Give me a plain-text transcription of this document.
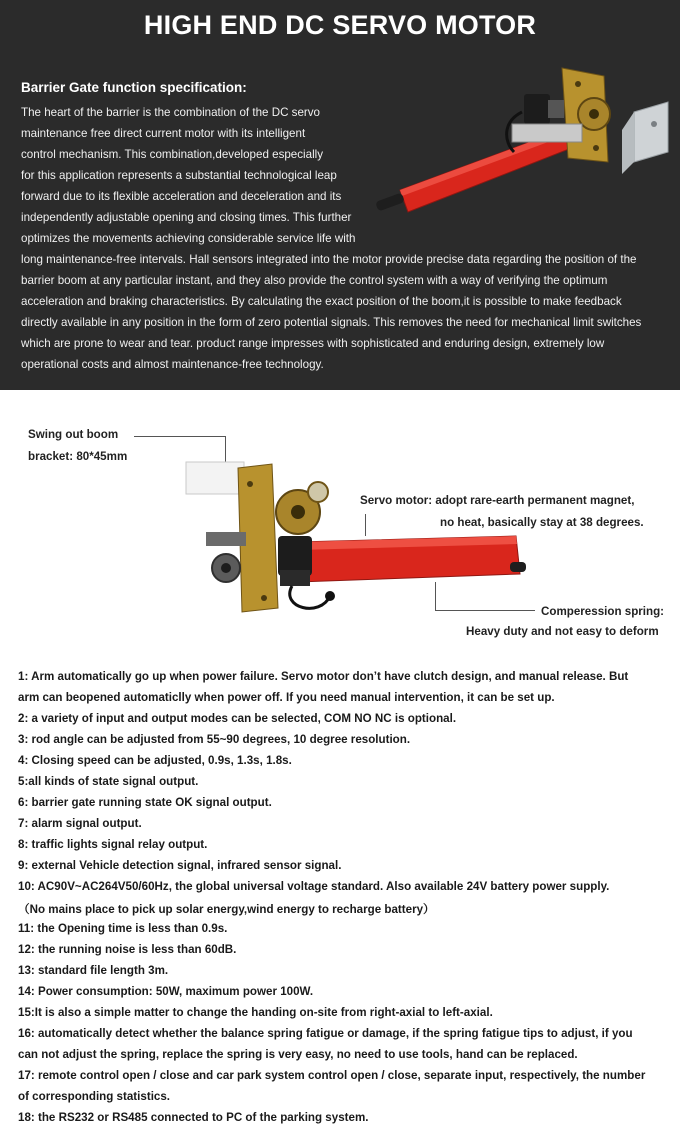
HIGH END DC SERVO MOTOR
Barrier Gate function specification:
The heart of the barrier is the combination of the DC servo
maintenance free direct current motor with its intelligent
control mechanism. This combination,developed especially
for this application represents a substantial technological leap
forward due to its flexible acceleration and deceleration and its
independently adjustable opening and closing times. This further
optimizes the movements achieving considerable service life with
long maintenance-free intervals. Hall sensors integrated into the motor provide precise data regarding the position of the
barrier boom at any particular instant, and they also provide the control system with a way of verifying the optimum
acceleration and braking characteristics. By calculating the exact position of the boom,it is possible to make feedback
directly available in any position in the form of zero potential signals. This removes the need for mechanical limit switches
which are prone to wear and tear. product range impresses with sophisticated and enduring design, extremely low
operational costs and almost maintenance-free technology.
Swing out boom
bracket: 80*45mm
Servo motor: adopt rare-earth permanent magnet,
no heat, basically stay at 38 degrees.
Comperession spring:
Heavy duty and not easy to deform
1: Arm automatically go up when power failure. Servo motor don’t have clutch design, and manual release. But
arm can beopened automaticlly when power off. If you need manual intervention, it can be set up.
2: a variety of input and output modes can be selected, COM NO NC is optional.
3: rod angle can be adjusted from 55~90 degrees, 10 degree resolution.
4: Closing speed can be adjusted, 0.9s, 1.3s, 1.8s.
5:all kinds of state signal output.
6: barrier gate running state OK signal output.
7: alarm signal output.
8: traffic lights signal relay output.
9: external Vehicle detection signal, infrared sensor signal.
10: AC90V~AC264V50/60Hz, the global universal voltage standard. Also available 24V battery power supply.
（No mains place to pick up solar energy,wind energy to recharge battery）
11: the Opening time is less than 0.9s.
12: the running noise is less than 60dB.
13: standard file length 3m.
14: Power consumption: 50W, maximum power 100W.
15:It is also a simple matter to change the handing on-site from right-axial to left-axial.
16: automatically detect whether the balance spring fatigue or damage, if the spring fatigue tips to adjust, if you
can not adjust the spring, replace the spring is very easy, no need to use tools, hand can be replaced.
17: remote control open / close and car park system control open / close, separate input, respectively, the number
of corresponding statistics.
18: the RS232 or RS485 connected to PC of the parking system.
